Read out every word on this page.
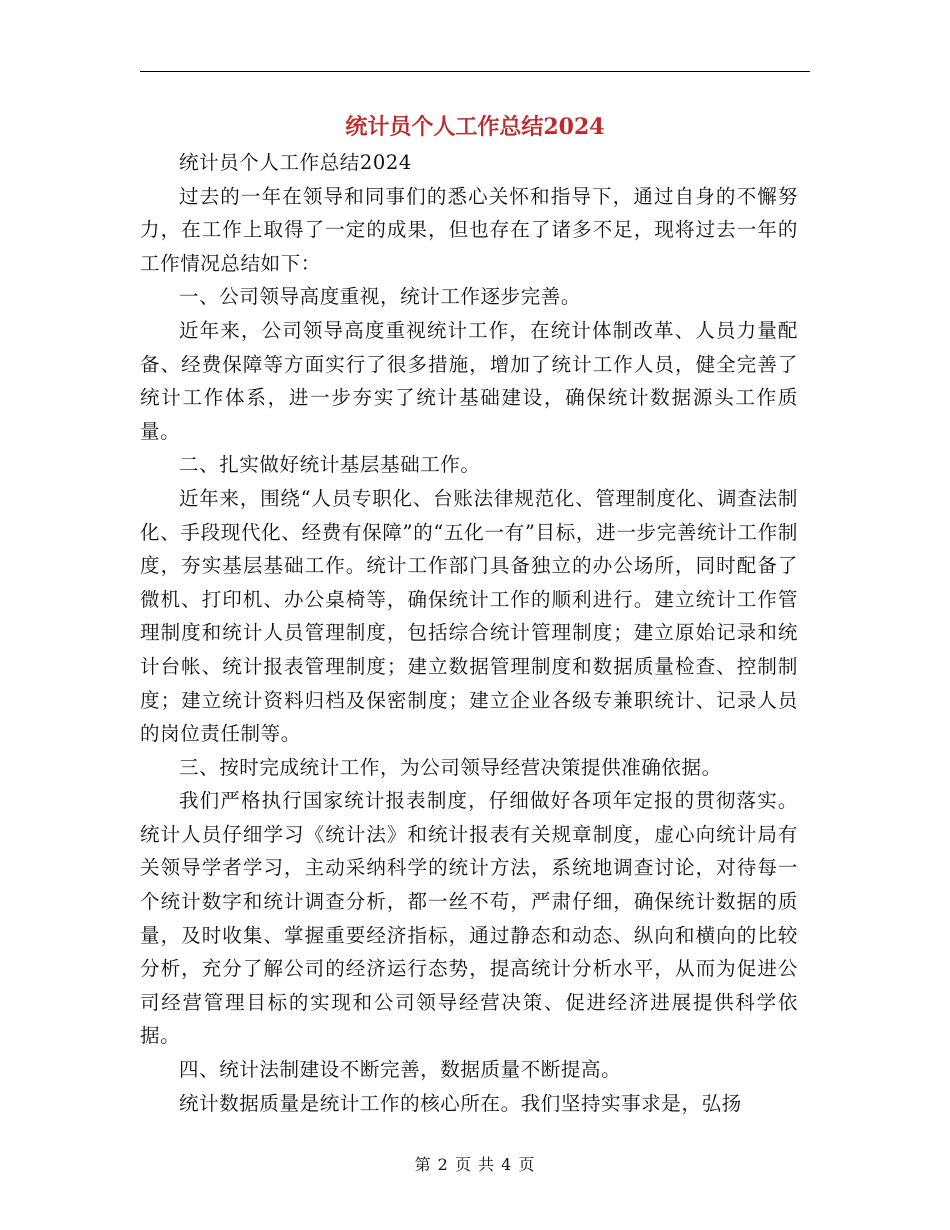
统计员个人工作总结2024

统计员个人工作总结2024

过去的一年在领导和同事们的悉心关怀和指导下，通过自身的不懈努力，在工作上取得了一定的成果，但也存在了诸多不足，现将过去一年的工作情况总结如下：

一、公司领导高度重视，统计工作逐步完善。

近年来，公司领导高度重视统计工作，在统计体制改革、人员力量配备、经费保障等方面实行了很多措施，增加了统计工作人员，健全完善了统计工作体系，进一步夯实了统计基础建设，确保统计数据源头工作质量。

二、扎实做好统计基层基础工作。

近年来，围绕“人员专职化、台账法律规范化、管理制度化、调查法制化、手段现代化、经费有保障”的“五化一有”目标，进一步完善统计工作制度，夯实基层基础工作。统计工作部门具备独立的办公场所，同时配备了微机、打印机、办公桌椅等，确保统计工作的顺利进行。建立统计工作管理制度和统计人员管理制度，包括综合统计管理制度；建立原始记录和统计台帐、统计报表管理制度；建立数据管理制度和数据质量检查、控制制度；建立统计资料归档及保密制度；建立企业各级专兼职统计、记录人员的岗位责任制等。

三、按时完成统计工作，为公司领导经营决策提供准确依据。

我们严格执行国家统计报表制度，仔细做好各项年定报的贯彻落实。统计人员仔细学习《统计法》和统计报表有关规章制度，虚心向统计局有关领导学者学习，主动采纳科学的统计方法，系统地调查讨论，对待每一个统计数字和统计调查分析，都一丝不苟，严肃仔细，确保统计数据的质量，及时收集、掌握重要经济指标，通过静态和动态、纵向和横向的比较分析，充分了解公司的经济运行态势，提高统计分析水平，从而为促进公司经营管理目标的实现和公司领导经营决策、促进经济进展提供科学依据。

四、统计法制建设不断完善，数据质量不断提高。

统计数据质量是统计工作的核心所在。我们坚持实事求是，弘扬

第 2 页 共 4 页
